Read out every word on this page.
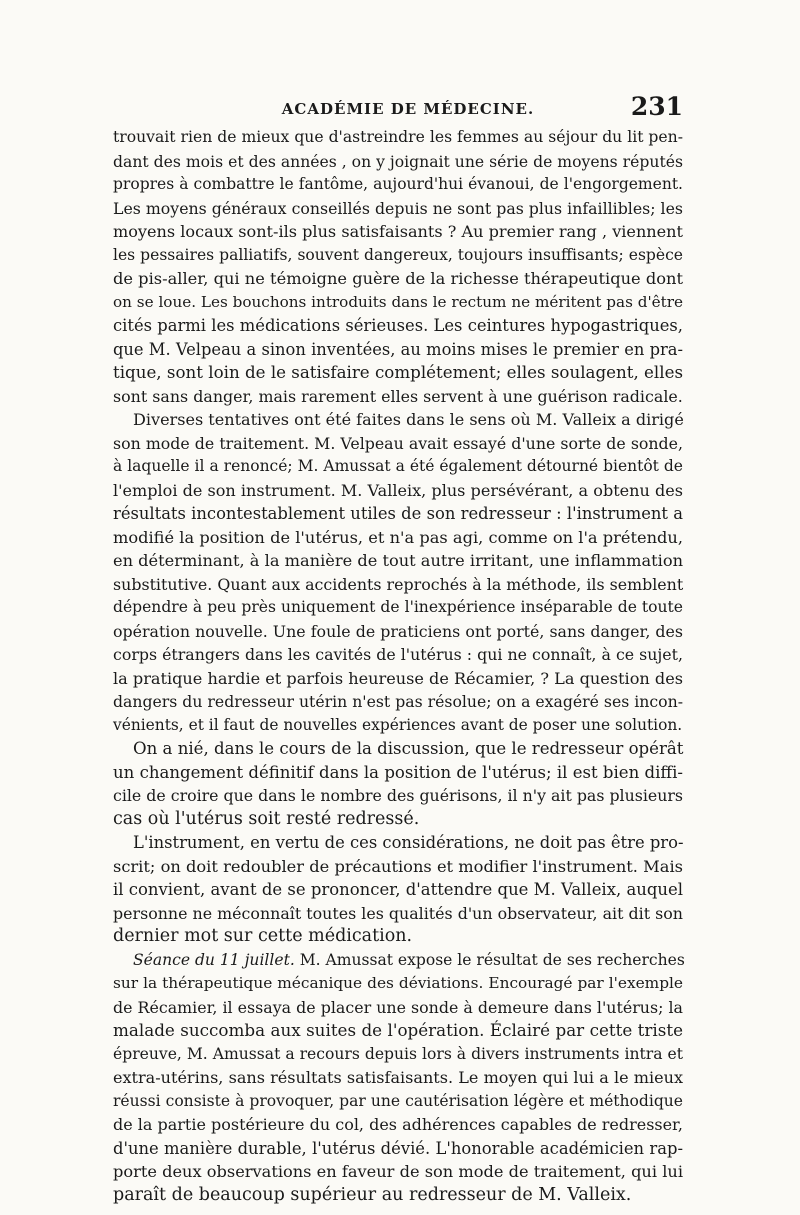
ACADÉMIE DE MÉDECINE.	231
trouvait rien de mieux que d'astreindre les femmes au séjour du lit pen-
dant des mois et des années , on y joignait une série de moyens réputés
propres à combattre le fantôme, aujourd'hui évanoui, de l'engorgement.
Les moyens généraux conseillés depuis ne sont pas plus infaillibles; les
moyens locaux sont-ils plus satisfaisants ? Au premier rang , viennent
les pessaires palliatifs, souvent dangereux, toujours insuffisants; espèce
de pis-aller, qui ne témoigne guère de la richesse thérapeutique dont
on se loue. Les bouchons introduits dans le rectum ne méritent pas d'être
cités parmi les médications sérieuses. Les ceintures hypogastriques,
que M. Velpeau a sinon inventées, au moins mises le premier en pra-
tique, sont loin de le satisfaire complétement; elles soulagent, elles
sont sans danger, mais rarement elles servent à une guérison radicale.
Diverses tentatives ont été faites dans le sens où M. Valleix a dirigé
son mode de traitement. M. Velpeau avait essayé d'une sorte de sonde,
à laquelle il a renoncé; M. Amussat a été également détourné bientôt de
l'emploi de son instrument. M. Valleix, plus persévérant, a obtenu des
résultats incontestablement utiles de son redresseur : l'instrument a
modifié la position de l'utérus, et n'a pas agi, comme on l'a prétendu,
en déterminant, à la manière de tout autre irritant, une inflammation
substitutive. Quant aux accidents reprochés à la méthode, ils semblent
dépendre à peu près uniquement de l'inexpérience inséparable de toute
opération nouvelle. Une foule de praticiens ont porté, sans danger, des
corps étrangers dans les cavités de l'utérus : qui ne connaît, à ce sujet,
la pratique hardie et parfois heureuse de Récamier, ? La question des
dangers du redresseur utérin n'est pas résolue; on a exagéré ses incon-
vénients, et il faut de nouvelles expériences avant de poser une solution.
On a nié, dans le cours de la discussion, que le redresseur opérât
un changement définitif dans la position de l'utérus; il est bien diffi-
cile de croire que dans le nombre des guérisons, il n'y ait pas plusieurs
cas où l'utérus soit resté redressé.
L'instrument, en vertu de ces considérations, ne doit pas être pro-
scrit; on doit redoubler de précautions et modifier l'instrument. Mais
il convient, avant de se prononcer, d'attendre que M. Valleix, auquel
personne ne méconnaît toutes les qualités d'un observateur, ait dit son
dernier mot sur cette médication.
Séance du 11 juillet. M. Amussat expose le résultat de ses recherches
sur la thérapeutique mécanique des déviations. Encouragé par l'exemple
de Récamier, il essaya de placer une sonde à demeure dans l'utérus; la
malade succomba aux suites de l'opération. Éclairé par cette triste
épreuve, M. Amussat a recours depuis lors à divers instruments intra et
extra-utérins, sans résultats satisfaisants. Le moyen qui lui a le mieux
réussi consiste à provoquer, par une cautérisation légère et méthodique
de la partie postérieure du col, des adhérences capables de redresser,
d'une manière durable, l'utérus dévié. L'honorable académicien rap-
porte deux observations en faveur de son mode de traitement, qui lui
paraît de beaucoup supérieur au redresseur de M. Valleix.
